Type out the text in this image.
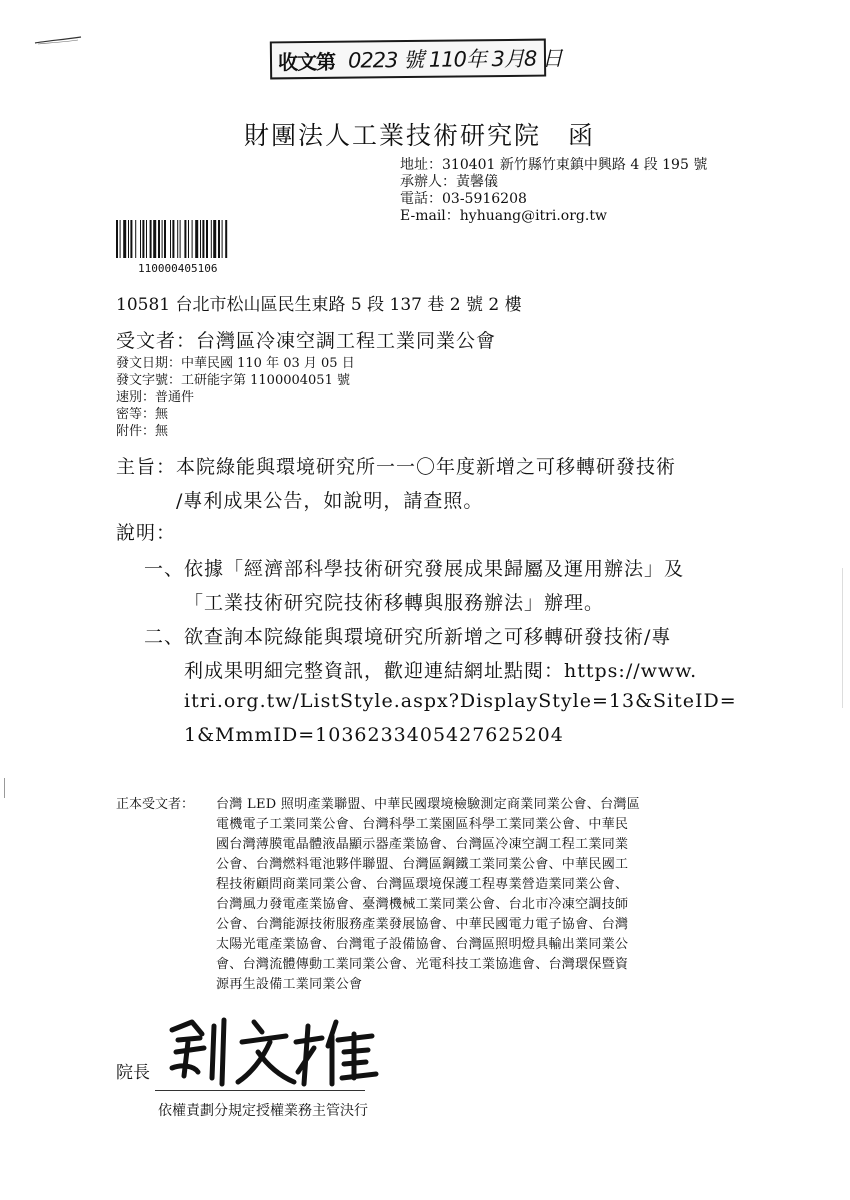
收文第 0223 號 110年 3月8 日
財團法人工業技術研究院　函
地址：310401 新竹縣竹東鎮中興路 4 段 195 號
承辦人：黃馨儀
電話：03-5916208
E-mail：hyhuang@itri.org.tw
110000405106
10581 台北市松山區民生東路 5 段 137 巷 2 號 2 樓
受文者：台灣區冷凍空調工程工業同業公會
發文日期：中華民國 110 年 03 月 05 日
發文字號：工研能字第 1100004051 號
速別：普通件
密等：無
附件：無
主旨：本院綠能與環境研究所一一〇年度新增之可移轉研發技術
/專利成果公告，如說明，請查照。
說明：
一、依據「經濟部科學技術研究發展成果歸屬及運用辦法」及
「工業技術研究院技術移轉與服務辦法」辦理。
二、欲查詢本院綠能與環境研究所新增之可移轉研發技術/專
利成果明細完整資訊，歡迎連結網址點閱：https://www.
itri.org.tw/ListStyle.aspx?DisplayStyle=13&SiteID=
1&MmmID=1036233405427625204
正本受文者： 台灣 LED 照明產業聯盟、中華民國環境檢驗測定商業同業公會、台灣區
電機電子工業同業公會、台灣科學工業園區科學工業同業公會、中華民
國台灣薄膜電晶體液晶顯示器產業協會、台灣區冷凍空調工程工業同業
公會、台灣燃料電池夥伴聯盟、台灣區鋼鐵工業同業公會、中華民國工
程技術顧問商業同業公會、台灣區環境保護工程專業營造業同業公會、
台灣風力發電產業協會、臺灣機械工業同業公會、台北市冷凍空調技師
公會、台灣能源技術服務產業發展協會、中華民國電力電子協會、台灣
太陽光電產業協會、台灣電子設備協會、台灣區照明燈具輸出業同業公
會、台灣流體傳動工業同業公會、光電科技工業協進會、台灣環保暨資
源再生設備工業同業公會
院長
依權責劃分規定授權業務主管決行
